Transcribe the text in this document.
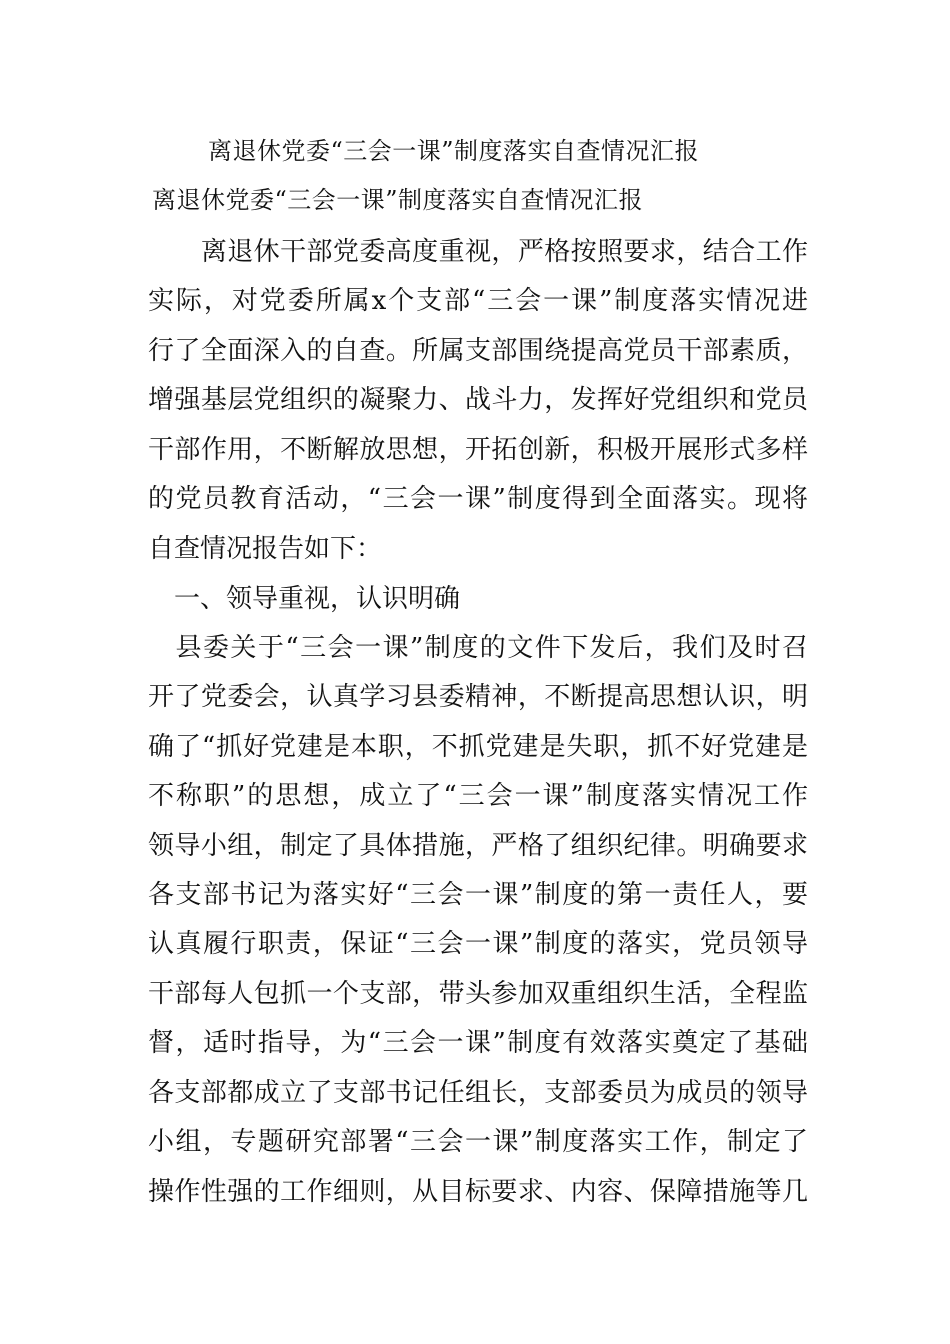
离退休党委“三会一课”制度落实自查情况汇报
离退休党委“三会一课”制度落实自查情况汇报
　　离退休干部党委高度重视，严格按照要求，结合工作
实际，对党委所属x个支部“三会一课”制度落实情况进
行了全面深入的自查。所属支部围绕提高党员干部素质，
增强基层党组织的凝聚力、战斗力，发挥好党组织和党员
干部作用，不断解放思想，开拓创新，积极开展形式多样
的党员教育活动，“三会一课”制度得到全面落实。现将
自查情况报告如下：
　一、领导重视，认识明确
　县委关于“三会一课”制度的文件下发后，我们及时召
开了党委会，认真学习县委精神，不断提高思想认识，明
确了“抓好党建是本职，不抓党建是失职，抓不好党建是
不称职”的思想，成立了“三会一课”制度落实情况工作
领导小组，制定了具体措施，严格了组织纪律。明确要求
各支部书记为落实好“三会一课”制度的第一责任人，要
认真履行职责，保证“三会一课”制度的落实，党员领导
干部每人包抓一个支部，带头参加双重组织生活，全程监
督，适时指导，为“三会一课”制度有效落实奠定了基础
各支部都成立了支部书记任组长，支部委员为成员的领导
小组，专题研究部署“三会一课”制度落实工作，制定了
操作性强的工作细则，从目标要求、内容、保障措施等几
